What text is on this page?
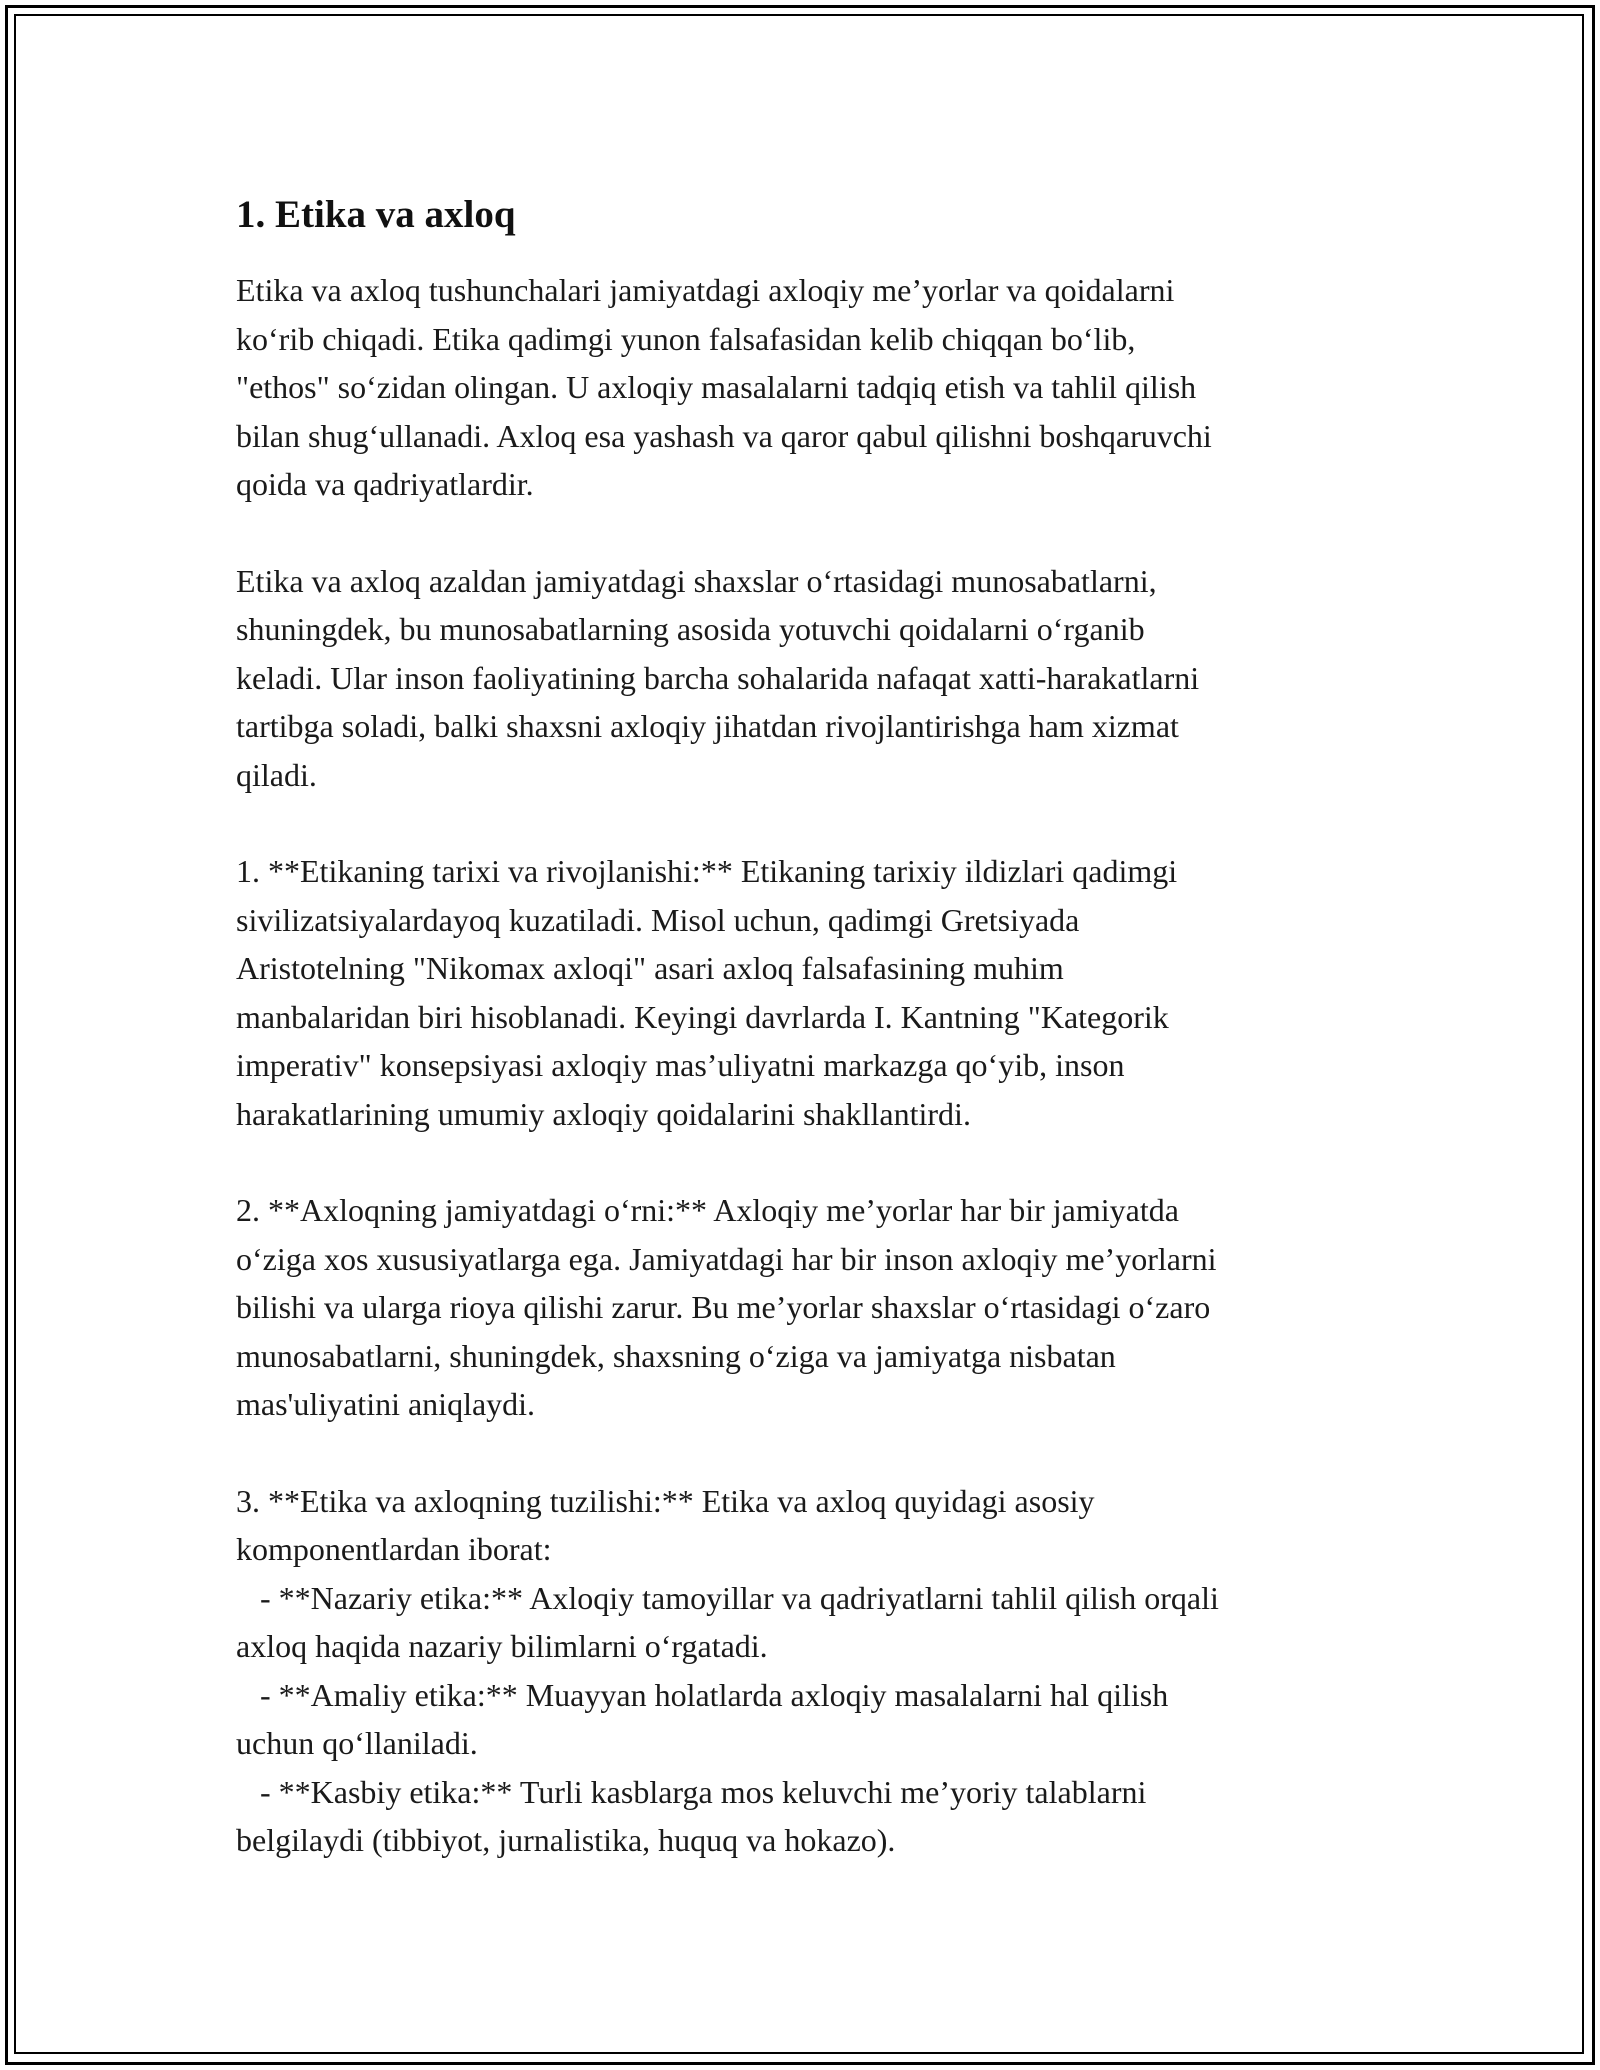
1. Etika va axloq

Etika va axloq tushunchalari jamiyatdagi axloqiy me’yorlar va qoidalarni
ko‘rib chiqadi. Etika qadimgi yunon falsafasidan kelib chiqqan bo‘lib,
"ethos" so‘zidan olingan. U axloqiy masalalarni tadqiq etish va tahlil qilish
bilan shug‘ullanadi. Axloq esa yashash va qaror qabul qilishni boshqaruvchi
qoida va qadriyatlardir.

Etika va axloq azaldan jamiyatdagi shaxslar o‘rtasidagi munosabatlarni,
shuningdek, bu munosabatlarning asosida yotuvchi qoidalarni o‘rganib
keladi. Ular inson faoliyatining barcha sohalarida nafaqat xatti-harakatlarni
tartibga soladi, balki shaxsni axloqiy jihatdan rivojlantirishga ham xizmat
qiladi.

1. **Etikaning tarixi va rivojlanishi:** Etikaning tarixiy ildizlari qadimgi
sivilizatsiyalardayoq kuzatiladi. Misol uchun, qadimgi Gretsiyada
Aristotelning "Nikomax axloqi" asari axloq falsafasining muhim
manbalaridan biri hisoblanadi. Keyingi davrlarda I. Kantning "Kategorik
imperativ" konsepsiyasi axloqiy mas’uliyatni markazga qo‘yib, inson
harakatlarining umumiy axloqiy qoidalarini shakllantirdi.

2. **Axloqning jamiyatdagi o‘rni:** Axloqiy me’yorlar har bir jamiyatda
o‘ziga xos xususiyatlarga ega. Jamiyatdagi har bir inson axloqiy me’yorlarni
bilishi va ularga rioya qilishi zarur. Bu me’yorlar shaxslar o‘rtasidagi o‘zaro
munosabatlarni, shuningdek, shaxsning o‘ziga va jamiyatga nisbatan
mas'uliyatini aniqlaydi.

3. **Etika va axloqning tuzilishi:** Etika va axloq quyidagi asosiy
komponentlardan iborat:
- **Nazariy etika:** Axloqiy tamoyillar va qadriyatlarni tahlil qilish orqali
axloq haqida nazariy bilimlarni o‘rgatadi.
- **Amaliy etika:** Muayyan holatlarda axloqiy masalalarni hal qilish
uchun qo‘llaniladi.
- **Kasbiy etika:** Turli kasblarga mos keluvchi me’yoriy talablarni
belgilaydi (tibbiyot, jurnalistika, huquq va hokazo).
